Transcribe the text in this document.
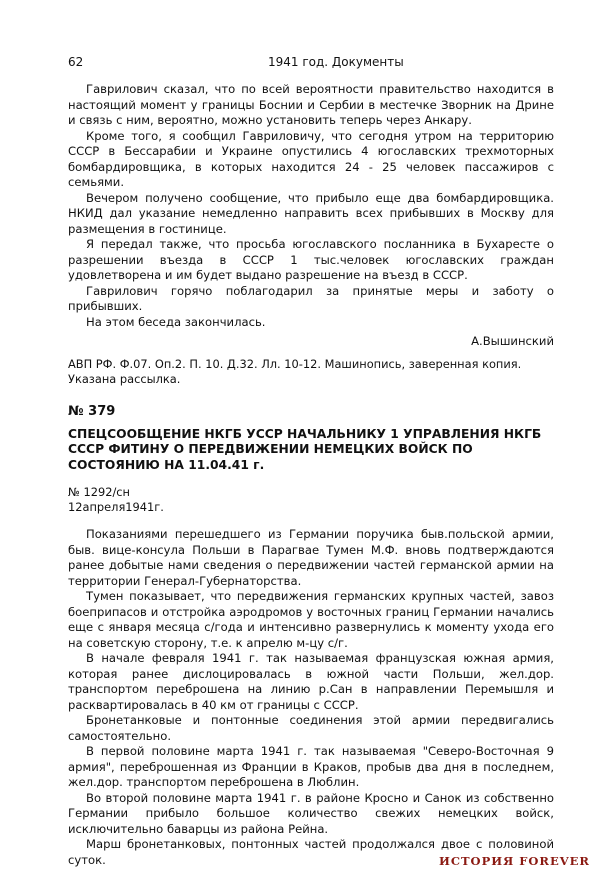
62	1941 год. Документы

Гаврилович сказал, что по всей вероятности правительство находится в настоящий момент у границы Боснии и Сербии в местечке Зворник на Дрине и связь с ним, вероятно, можно установить теперь через Анкару.

Кроме того, я сообщил Гавриловичу, что сегодня утром на территорию СССР в Бессарабии и Украине опустились 4 югославских трехмоторных бомбардировщика, в которых находится 24 - 25 человек пассажиров с семьями.

Вечером получено сообщение, что прибыло еще два бомбардировщика. НКИД дал указание немедленно направить всех прибывших в Москву для размещения в гостинице.

Я передал также, что просьба югославского посланника в Бухаресте о разрешении въезда в СССР 1 тыс.человек югославских граждан удовлетворена и им будет выдано разрешение на въезд в СССР.

Гаврилович горячо поблагодарил за принятые меры и заботу о прибывших.

На этом беседа закончилась.

А.Вышинский

АВП РФ. Ф.07. Оп.2. П. 10. Д.32. Лл. 10-12. Машинопись, заверенная копия. Указана рассылка.

№ 379

СПЕЦСООБЩЕНИЕ НКГБ УССР НАЧАЛЬНИКУ 1 УПРАВЛЕНИЯ НКГБ СССР ФИТИНУ О ПЕРЕДВИЖЕНИИ НЕМЕЦКИХ ВОЙСК ПО СОСТОЯНИЮ НА 11.04.41 г.

№ 1292/сн
12апреля1941г.

Показаниями перешедшего из Германии поручика быв.польской армии, быв. вице-консула Польши в Парагвае Тумен М.Ф. вновь подтверждаются ранее добытые нами сведения о передвижении частей германской армии на территории Генерал-Губернаторства.

Тумен показывает, что передвижения германских крупных частей, завоз боеприпасов и отстройка аэродромов у восточных границ Германии начались еще с января месяца с/года и интенсивно развернулись к моменту ухода его на советскую сторону, т.е. к апрелю м-цу с/г.

В начале февраля 1941 г. так называемая французская южная армия, которая ранее дислоцировалась в южной части Польши, жел.дор. транспортом переброшена на линию р.Сан в направлении Перемышля и расквартировалась в 40 км от границы с СССР.

Бронетанковые и понтонные соединения этой армии передвигались самостоятельно.

В первой половине марта 1941 г. так называемая "Северо-Восточная 9 армия", переброшенная из Франции в Краков, пробыв два дня в последнем, жел.дор. транспортом переброшена в Люблин.

Во второй половине марта 1941 г. в районе Кросно и Санок из собственно Германии прибыло большое количество свежих немецких войск, исключительно баварцы из района Рейна.

Марш бронетанковых, понтонных частей продолжался двое с половиной суток.	ИСТОРИЯ FOREVER
